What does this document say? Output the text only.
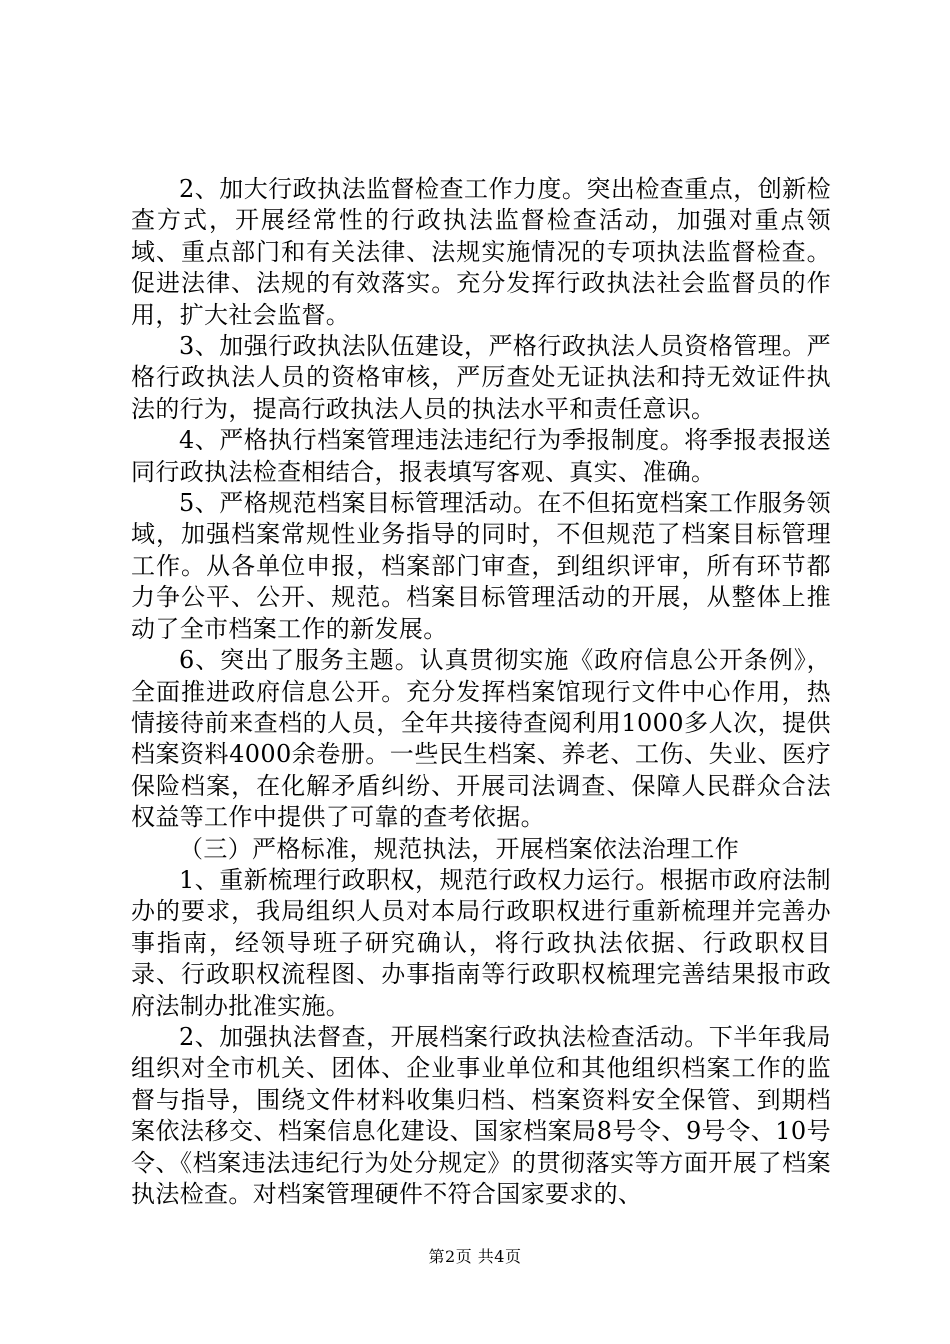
2、加大行政执法监督检查工作力度。突出检查重点，创新检查方式，开展经常性的行政执法监督检查活动，加强对重点领域、重点部门和有关法律、法规实施情况的专项执法监督检查。促进法律、法规的有效落实。充分发挥行政执法社会监督员的作用，扩大社会监督。

3、加强行政执法队伍建设，严格行政执法人员资格管理。严格行政执法人员的资格审核，严厉查处无证执法和持无效证件执法的行为，提高行政执法人员的执法水平和责任意识。

4、严格执行档案管理违法违纪行为季报制度。将季报表报送同行政执法检查相结合，报表填写客观、真实、准确。

5、严格规范档案目标管理活动。在不但拓宽档案工作服务领域，加强档案常规性业务指导的同时，不但规范了档案目标管理工作。从各单位申报，档案部门审查，到组织评审，所有环节都力争公平、公开、规范。档案目标管理活动的开展，从整体上推动了全市档案工作的新发展。

6、突出了服务主题。认真贯彻实施《政府信息公开条例》，全面推进政府信息公开。充分发挥档案馆现行文件中心作用，热情接待前来查档的人员，全年共接待查阅利用1000多人次，提供档案资料4000余卷册。一些民生档案、养老、工伤、失业、医疗保险档案，在化解矛盾纠纷、开展司法调查、保障人民群众合法权益等工作中提供了可靠的查考依据。

（三）严格标准，规范执法，开展档案依法治理工作

1、重新梳理行政职权，规范行政权力运行。根据市政府法制办的要求，我局组织人员对本局行政职权进行重新梳理并完善办事指南，经领导班子研究确认，将行政执法依据、行政职权目录、行政职权流程图、办事指南等行政职权梳理完善结果报市政府法制办批准实施。

2、加强执法督查，开展档案行政执法检查活动。下半年我局组织对全市机关、团体、企业事业单位和其他组织档案工作的监督与指导，围绕文件材料收集归档、档案资料安全保管、到期档案依法移交、档案信息化建设、国家档案局8号令、9号令、10号令、《档案违法违纪行为处分规定》的贯彻落实等方面开展了档案执法检查。对档案管理硬件不符合国家要求的、

第2页 共4页
